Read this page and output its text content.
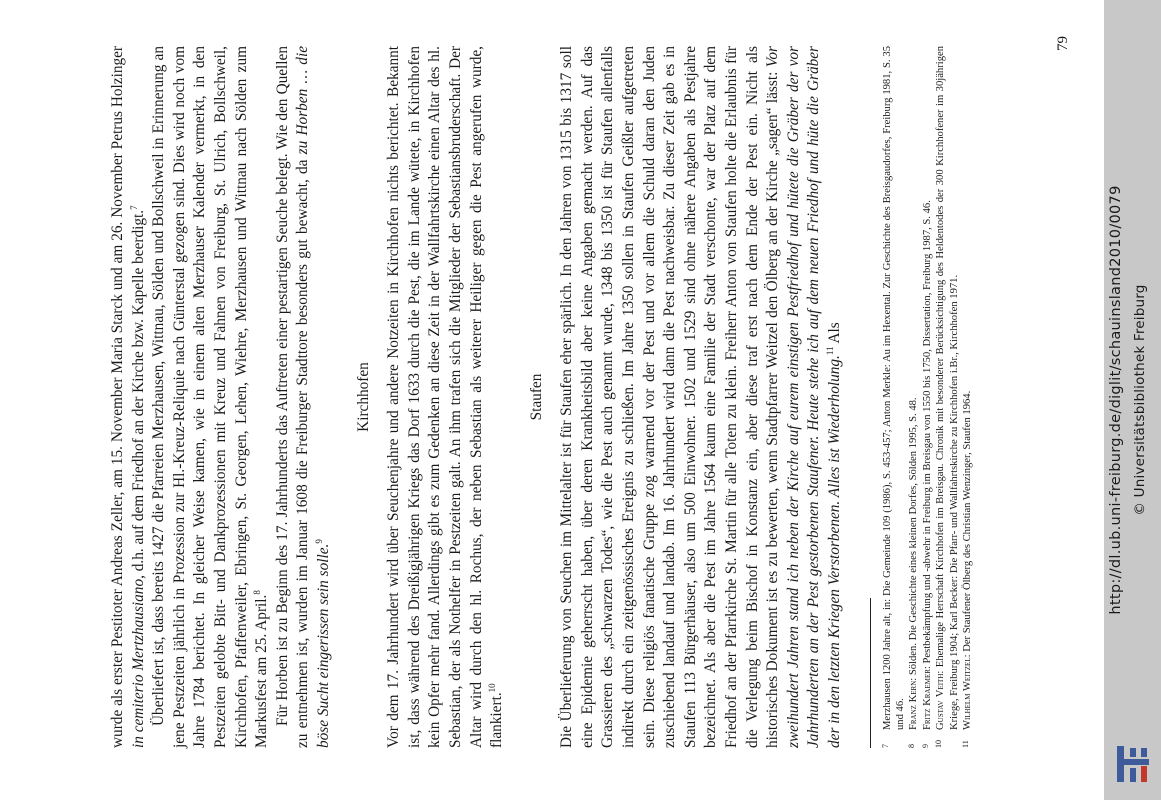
wurde als erster Pestitoter Andreas Zeller, am 15. November Maria Starck und am 26. November Petrus Holzinger in cemiterio Mertzhausiano, d.h. auf dem Friedhof an der Kirche bzw. Kapelle beerdigt.$^7$ Überliefert ist, dass bereits 1427 die Pfarreien Merzhausen, Wittnau, Sölden und Bollschweil in Erinnerung an jene Pestzeiten jährlich in Prozession zur Hl.-Kreuz-Reliquie nach Günterstal gezogen sind. Dies wird noch vom Jahre 1784 berichtet. In gleicher Weise kamen, wie in einem alten Merzhauser Kalender vermerkt, in den Pestzeiten gelobte Bitt- und Dankprozessionen mit Kreuz und Fahnen von Freiburg, St. Ulrich, Bollschweil, Kirchhofen, Pfaffenweiler, Ebringen, St. Georgen, Lehen, Wiehre, Merzhausen und Wittnau nach Sölden zum Markusfest am 25. April.$^8$ Für Horben ist zu Beginn des 17. Jahrhunderts das Auftreten einer pestartigen Seuche belegt. Wie den Quellen zu entnehmen ist, wurden im Januar 1608 die Freiburger Stadttore besonders gut bewacht, da zu Horben … die böse Sucht eingerissen sein solle.$^9$

Kirchhofen Vor dem 17. Jahrhundert wird über Seuchenjahre und andere Notzeiten in Kirchhofen nichts berichtet. Bekannt ist, dass während des Dreißigjährigen Kriegs das Dorf 1633 durch die Pest, die im Lande wütete, in Kirchhofen kein Opfer mehr fand. Allerdings gibt es zum Gedenken an diese Zeit in der Wallfahrtskirche einen Altar des hl. Sebastian, der als Nothelfer in Pestzeiten galt. An ihm trafen sich die Mitglieder der Sebastiansbruderschaft. Der Altar wird durch den hl. Rochus, der neben Sebastian als weiterer Heiliger gegen die Pest angerufen wurde, flankiert.$^{10}$

Staufen Die Überlieferung von Seuchen im Mittelalter ist für Staufen eher spärlich. In den Jahren von 1315 bis 1317 soll eine Epidemie geherrscht haben, über deren Krankheitsbild aber keine Angaben gemacht werden. Auf das Grassieren des „schwarzen Todes“, wie die Pest auch genannt wurde, 1348 bis 1350 ist für Staufen allenfalls indirekt durch ein zeitgenössisches Ereignis zu schließen. Im Jahre 1350 sollen in Staufen Geißler aufgetreten sein. Diese religiös fanatische Gruppe zog warnend vor der Pest und vor allem die Schuld daran den Juden zuschiebend landauf und landab. Im 16. Jahrhundert wird dann die Pest nachweisbar. Zu dieser Zeit gab es in Staufen 113 Bürgerhäuser, also um 500 Einwohner. 1502 und 1529 sind ohne nähere Angaben als Pestjahre bezeichnet. Als aber die Pest im Jahre 1564 kaum eine Familie der Stadt verschonte, war der Platz auf dem Friedhof an der Pfarrkirche St. Martin für alle Toten zu klein. Freiherr Anton von Staufen holte die Erlaubnis für die Verlegung beim Bischof in Konstanz ein, aber diese traf erst nach dem Ende der Pest ein. Nicht als historisches Dokument ist es zu bewerten, wenn Stadtpfarrer Weitzel den Ölberg an der Kirche „sagen“ lässt: Vor zweihundert Jahren stand ich neben der Kirche auf eurem einstigen Pestfriedhof und hütete die Gräber der vor Jahrhunderten an der Pest gestorbenen Staufener. Heute stehe ich auf dem neuen Friedhof und hüte die Gräber der in den letzten Kriegen Verstorbenen. Alles ist Wiederholung.$^{11}$ Als

7
Merzhausen 1200 Jahre alt, in: Die Gemeinde 109 (1986), S. 453-457; Anton Merkle: Au im Hexental. Zur Geschichte des Breisgaudorfes, Freiburg 1981, S. 35 und 46.
8
Franz Kern: Sölden. Die Geschichte eines kleinen Dorfes, Sölden 1995, S. 48.
9
Fritz Kraemer: Pestbekämpfung und -abwehr in Freiburg im Breisgau von 1550 bis 1750, Dissertation, Freiburg 1987, S. 46.
10
Gustav Veith: Ehemalige Herrschaft Kirchhofen im Breisgau. Chronik mit besonderer Berücksichtigung des Heldentodes der 300 Kirchhofener im 30jährigen Kriege, Freiburg 1904; Karl Becker: Die Pfarr- und Wallfahrtskirche zu Kirchhofen i.Br., Kirchhofen 1971.
11
Wilhelm Weitzel: Der Staufener Ölberg des Christian Wenzinger, Staufen 1964.
79
http://dl.ub.uni-freiburg.de/diglit/schauinsland2010/0079 © Universitätsbibliothek Freiburg
